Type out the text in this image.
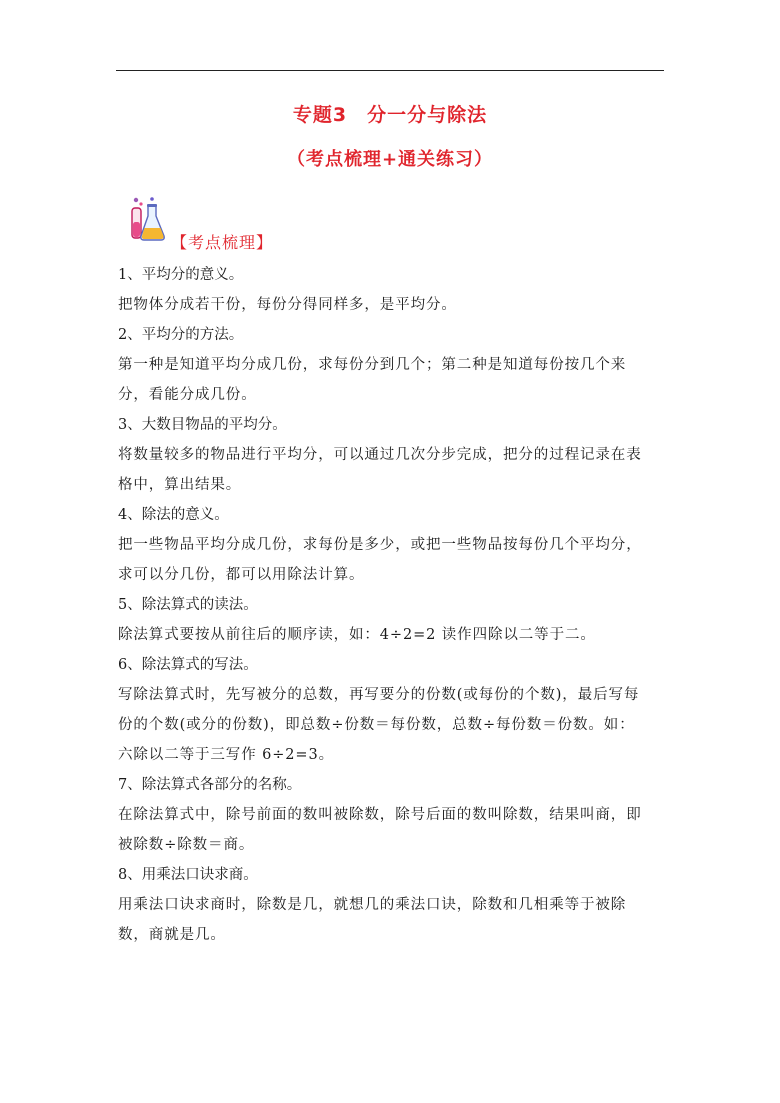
专题3　分一分与除法
（考点梳理+通关练习）
【考点梳理】

1、平均分的意义。

把物体分成若干份，每份分得同样多，是平均分。

2、平均分的方法。

第一种是知道平均分成几份，求每份分到几个；第二种是知道每份按几个来

分，看能分成几份。

3、大数目物品的平均分。

将数量较多的物品进行平均分，可以通过几次分步完成，把分的过程记录在表

格中，算出结果。

4、除法的意义。

把一些物品平均分成几份，求每份是多少，或把一些物品按每份几个平均分，

求可以分几份，都可以用除法计算。

5、除法算式的读法。

除法算式要按从前往后的顺序读，如：4÷2=2 读作四除以二等于二。

6、除法算式的写法。

写除法算式时，先写被分的总数，再写要分的份数(或每份的个数)，最后写每

份的个数(或分的份数)，即总数÷份数＝每份数，总数÷每份数＝份数。如：

六除以二等于三写作 6÷2=3。

7、除法算式各部分的名称。

在除法算式中，除号前面的数叫被除数，除号后面的数叫除数，结果叫商，即

被除数÷除数＝商。

8、用乘法口诀求商。

用乘法口诀求商时，除数是几，就想几的乘法口诀，除数和几相乘等于被除

数，商就是几。
